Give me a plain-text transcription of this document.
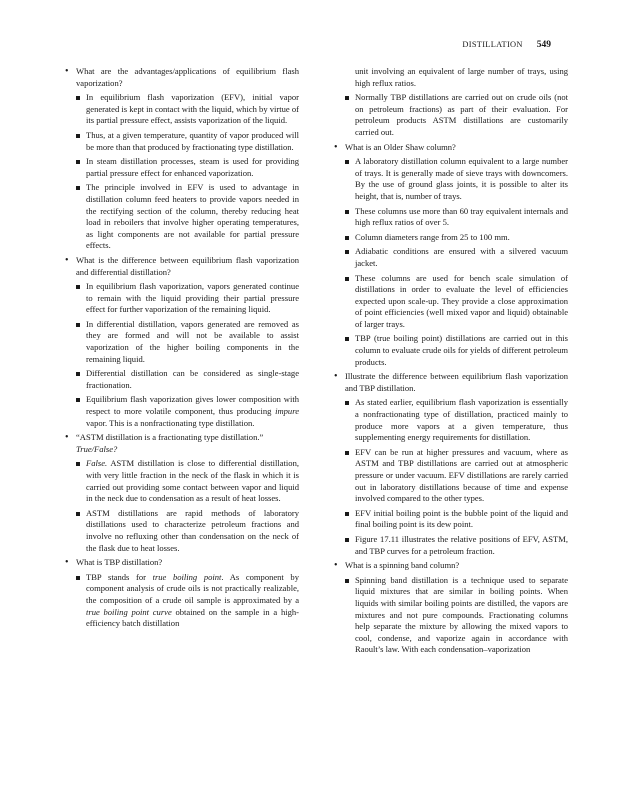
DISTILLATION 549

• What are the advantages/applications of equilibrium flash vaporization?

In equilibrium flash vaporization (EFV), initial vapor generated is kept in contact with the liquid, which by virtue of its partial pressure effect, assists vaporization of the liquid.
Thus, at a given temperature, quantity of vapor produced will be more than that produced by fractionating type distillation.
In steam distillation processes, steam is used for providing partial pressure effect for enhanced vaporization.
The principle involved in EFV is used to advantage in distillation column feed heaters to provide vapors needed in the rectifying section of the column, thereby reducing heat load in reboilers that involve higher operating temperatures, as light components are not available for partial pressure effects.

• What is the difference between equilibrium flash vaporization and differential distillation?

In equilibrium flash vaporization, vapors generated continue to remain with the liquid providing their partial pressure effect for further vaporization of the remaining liquid.
In differential distillation, vapors generated are removed as they are formed and will not be available to assist vaporization of the higher boiling components in the remaining liquid.
Differential distillation can be considered as single-stage fractionation.
Equilibrium flash vaporization gives lower composition with respect to more volatile component, thus producing impure vapor. This is a nonfractionating type distillation.

• “ASTM distillation is a fractionating type distillation.”
True/False?

False. ASTM distillation is close to differential distillation, with very little fraction in the neck of the flask in which it is carried out providing some contact between vapor and liquid in the neck due to condensation as a result of heat losses.
ASTM distillations are rapid methods of laboratory distillations used to characterize petroleum fractions and involve no refluxing other than condensation on the neck of the flask due to heat losses.

• What is TBP distillation?

TBP stands for true boiling point. As component by component analysis of crude oils is not practically realizable, the composition of a crude oil sample is approximated by a true boiling point curve obtained on the sample in a high-efficiency batch distillation
unit involving an equivalent of large number of trays, using high reflux ratios.
Normally TBP distillations are carried out on crude oils (not on petroleum fractions) as part of their evaluation. For petroleum products ASTM distillations are customarily carried out.

• What is an Older Shaw column?

A laboratory distillation column equivalent to a large number of trays. It is generally made of sieve trays with downcomers. By the use of ground glass joints, it is possible to alter its height, that is, number of trays.
These columns use more than 60 tray equivalent internals and high reflux ratios of over 5.
Column diameters range from 25 to 100 mm.
Adiabatic conditions are ensured with a silvered vacuum jacket.
These columns are used for bench scale simulation of distillations in order to evaluate the level of efficiencies expected upon scale-up. They provide a close approximation of point efficiencies (well mixed vapor and liquid) obtainable of larger trays.
TBP (true boiling point) distillations are carried out in this column to evaluate crude oils for yields of different petroleum products.

• Illustrate the difference between equilibrium flash vaporization and TBP distillation.

As stated earlier, equilibrium flash vaporization is essentially a nonfractionating type of distillation, practiced mainly to produce more vapors at a given temperature, thus supplementing energy requirements for distillation.
EFV can be run at higher pressures and vacuum, where as ASTM and TBP distillations are carried out at atmospheric pressure or under vacuum. EFV distillations are rarely carried out in laboratory distillations because of time and expense involved compared to the other types.
EFV initial boiling point is the bubble point of the liquid and final boiling point is its dew point.
Figure 17.11 illustrates the relative positions of EFV, ASTM, and TBP curves for a petroleum fraction.

• What is a spinning band column?

Spinning band distillation is a technique used to separate liquid mixtures that are similar in boiling points. When liquids with similar boiling points are distilled, the vapors are mixtures and not pure compounds. Fractionating columns help separate the mixture by allowing the mixed vapors to cool, condense, and vaporize again in accordance with Raoult’s law. With each condensation–vaporization
